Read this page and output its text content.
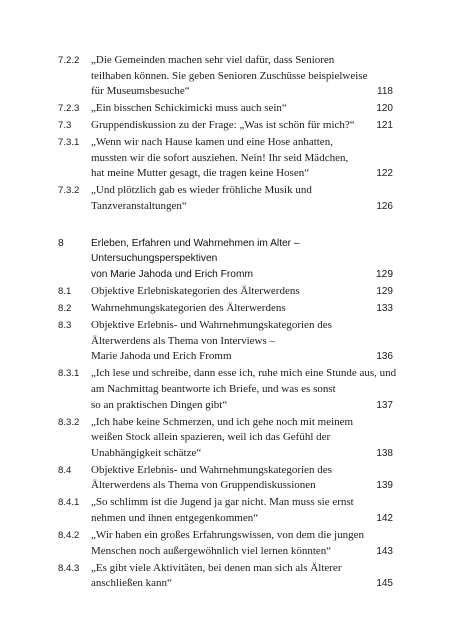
7.2.2	„Die Gemeinden machen sehr viel dafür, dass Senioren
teilhaben können. Sie geben Senioren Zuschüsse beispielweise
für Museumsbesuche“	118
7.2.3	„Ein bisschen Schickimicki muss auch sein“	120
7.3	Gruppendiskussion zu der Frage: „Was ist schön für mich?“ 121
7.3.1	„Wenn wir nach Hause kamen und eine Hose anhatten,
mussten wir die sofort ausziehen. Nein! Ihr seid Mädchen,
hat meine Mutter gesagt, die tragen keine Hosen“	122
7.3.2	„Und plötzlich gab es wieder fröhliche Musik und
Tanzveranstaltungen“	126
8	Erleben, Erfahren und Wahrnehmen im Alter –
Untersuchungsperspektiven
von Marie Jahoda und Erich Fromm	129
8.1	Objektive Erlebniskategorien des Älterwerdens	129
8.2	Wahrnehmungskategorien des Älterwerdens	133
8.3	Objektive Erlebnis- und Wahrnehmungskategorien des
Älterwerdens als Thema von Interviews –
Marie Jahoda und Erich Fromm	136
8.3.1	„Ich lese und schreibe, dann esse ich, ruhe mich eine Stunde aus, und
am Nachmittag beantworte ich Briefe, und was es sonst
so an praktischen Dingen gibt“	137
8.3.2	„Ich habe keine Schmerzen, und ich gehe noch mit meinem
weißen Stock allein spazieren, weil ich das Gefühl der
Unabhängigkeit schätze“	138
8.4	Objektive Erlebnis- und Wahrnehmungskategorien des
Älterwerdens als Thema von Gruppendiskussionen	139
8.4.1	„So schlimm ist die Jugend ja gar nicht. Man muss sie ernst
nehmen und ihnen entgegenkommen“	142
8.4.2	„Wir haben ein großes Erfahrungswissen, von dem die jungen
Menschen noch außergewöhnlich viel lernen könnten“	143
8.4.3	„Es gibt viele Aktivitäten, bei denen man sich als Älterer
anschließen kann“	145
